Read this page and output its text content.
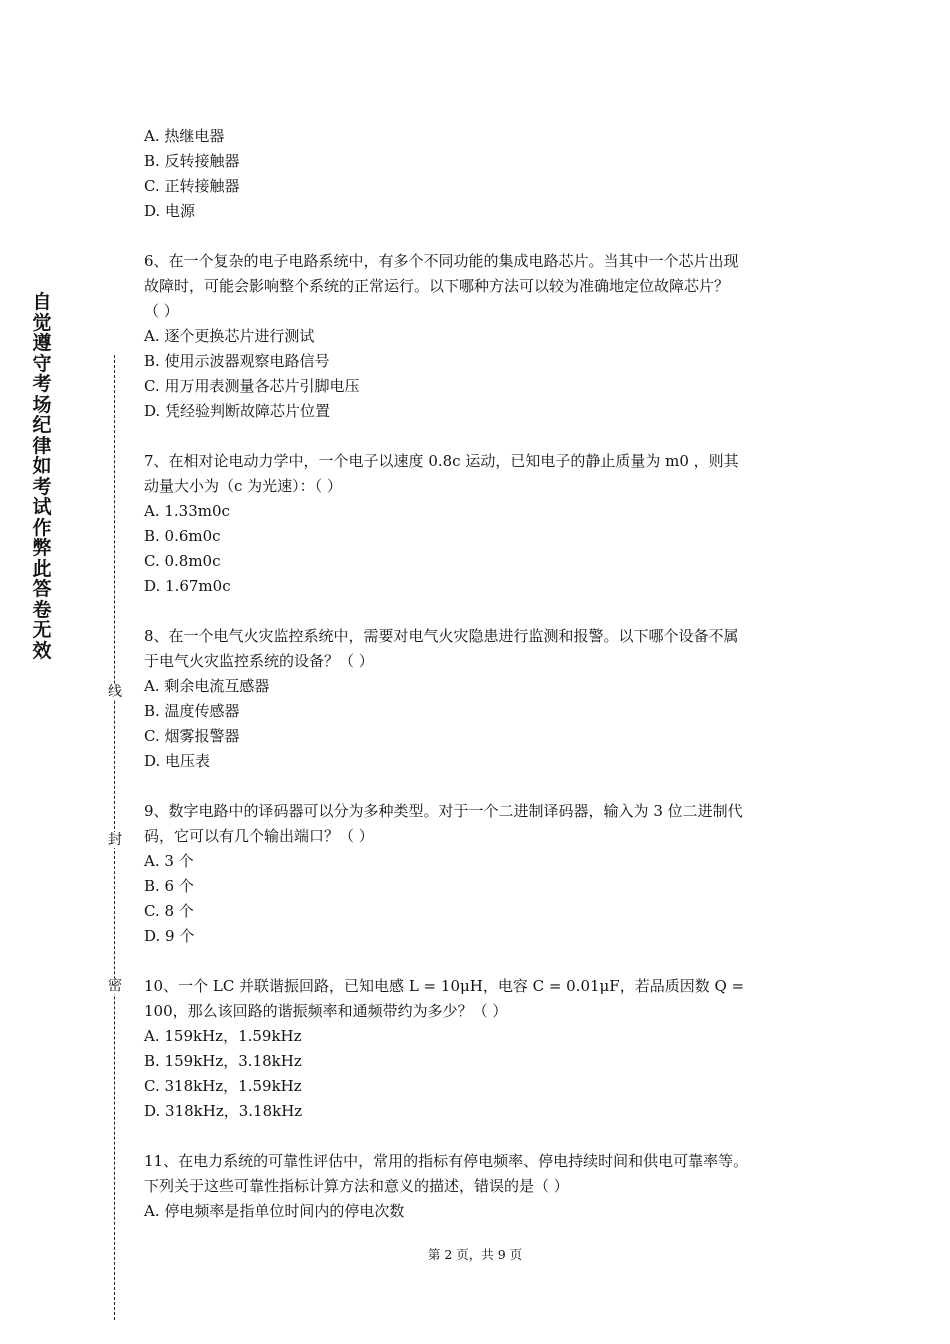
自
觉
遵
守
考
场
纪
律
如
考
试
作
弊
此
答
卷
无
效
线
封
密

A. 热继电器

B. 反转接触器

C. 正转接触器

D. 电源

6、在一个复杂的电子电路系统中，有多个不同功能的集成电路芯片。当其中一个芯片出现

故障时，可能会影响整个系统的正常运行。以下哪种方法可以较为准确地定位故障芯片？

（ ）

A. 逐个更换芯片进行测试

B. 使用示波器观察电路信号

C. 用万用表测量各芯片引脚电压

D. 凭经验判断故障芯片位置

7、在相对论电动力学中，一个电子以速度 0.8c 运动，已知电子的静止质量为 m0 ，则其

动量大小为（c 为光速）：（ ）

A. 1.33m0c

B. 0.6m0c

C. 0.8m0c

D. 1.67m0c

8、在一个电气火灾监控系统中，需要对电气火灾隐患进行监测和报警。以下哪个设备不属

于电气火灾监控系统的设备？（ ）

A. 剩余电流互感器

B. 温度传感器

C. 烟雾报警器

D. 电压表

9、数字电路中的译码器可以分为多种类型。对于一个二进制译码器，输入为 3 位二进制代

码，它可以有几个输出端口？（ ）

A. 3 个

B. 6 个

C. 8 个

D. 9 个

10、一个 LC 并联谐振回路，已知电感 L = 10μH，电容 C = 0.01μF，若品质因数 Q =

100，那么该回路的谐振频率和通频带约为多少？（ ）

A. 159kHz，1.59kHz

B. 159kHz，3.18kHz

C. 318kHz，1.59kHz

D. 318kHz，3.18kHz

11、在电力系统的可靠性评估中，常用的指标有停电频率、停电持续时间和供电可靠率等。

下列关于这些可靠性指标计算方法和意义的描述，错误的是（ ）

A. 停电频率是指单位时间内的停电次数

第 2 页，共 9 页
